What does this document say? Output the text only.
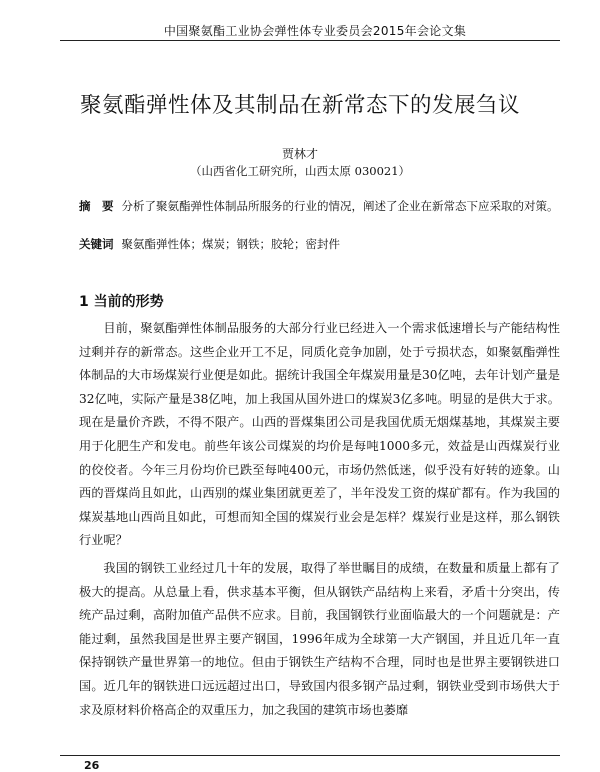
中国聚氨酯工业协会弹性体专业委员会2015年会论文集
聚氨酯弹性体及其制品在新常态下的发展刍议
贾林才
（山西省化工研究所，山西太原 030021）
摘　要 分析了聚氨酯弹性体制品所服务的行业的情况，阐述了企业在新常态下应采取的对策。
关键词 聚氨酯弹性体；煤炭；钢铁；胶轮；密封件
1 当前的形势

目前，聚氨酯弹性体制品服务的大部分行业已经进入一个需求低速增长与产能结构性过剩并存的新常态。这些企业开工不足，同质化竞争加剧，处于亏损状态，如聚氨酯弹性体制品的大市场煤炭行业便是如此。据统计我国全年煤炭用量是30亿吨，去年计划产量是32亿吨，实际产量是38亿吨，加上我国从国外进口的煤炭3亿多吨。明显的是供大于求。现在是量价齐跌，不得不限产。山西的晋煤集团公司是我国优质无烟煤基地，其煤炭主要用于化肥生产和发电。前些年该公司煤炭的均价是每吨1000多元，效益是山西煤炭行业的佼佼者。今年三月份均价已跌至每吨400元，市场仍然低迷，似乎没有好转的迹象。山西的晋煤尚且如此，山西别的煤业集团就更差了，半年没发工资的煤矿都有。作为我国的煤炭基地山西尚且如此，可想而知全国的煤炭行业会是怎样？煤炭行业是这样，那么钢铁行业呢？

我国的钢铁工业经过几十年的发展，取得了举世瞩目的成绩，在数量和质量上都有了极大的提高。从总量上看，供求基本平衡，但从钢铁产品结构上来看，矛盾十分突出，传统产品过剩，高附加值产品供不应求。目前，我国钢铁行业面临最大的一个问题就是：产能过剩，虽然我国是世界主要产钢国，1996年成为全球第一大产钢国，并且近几年一直保持钢铁产量世界第一的地位。但由于钢铁生产结构不合理，同时也是世界主要钢铁进口国。近几年的钢铁进口远远超过出口，导致国内很多钢产品过剩，钢铁业受到市场供大于求及原材料价格高企的双重压力，加之我国的建筑市场也萎靡

26
